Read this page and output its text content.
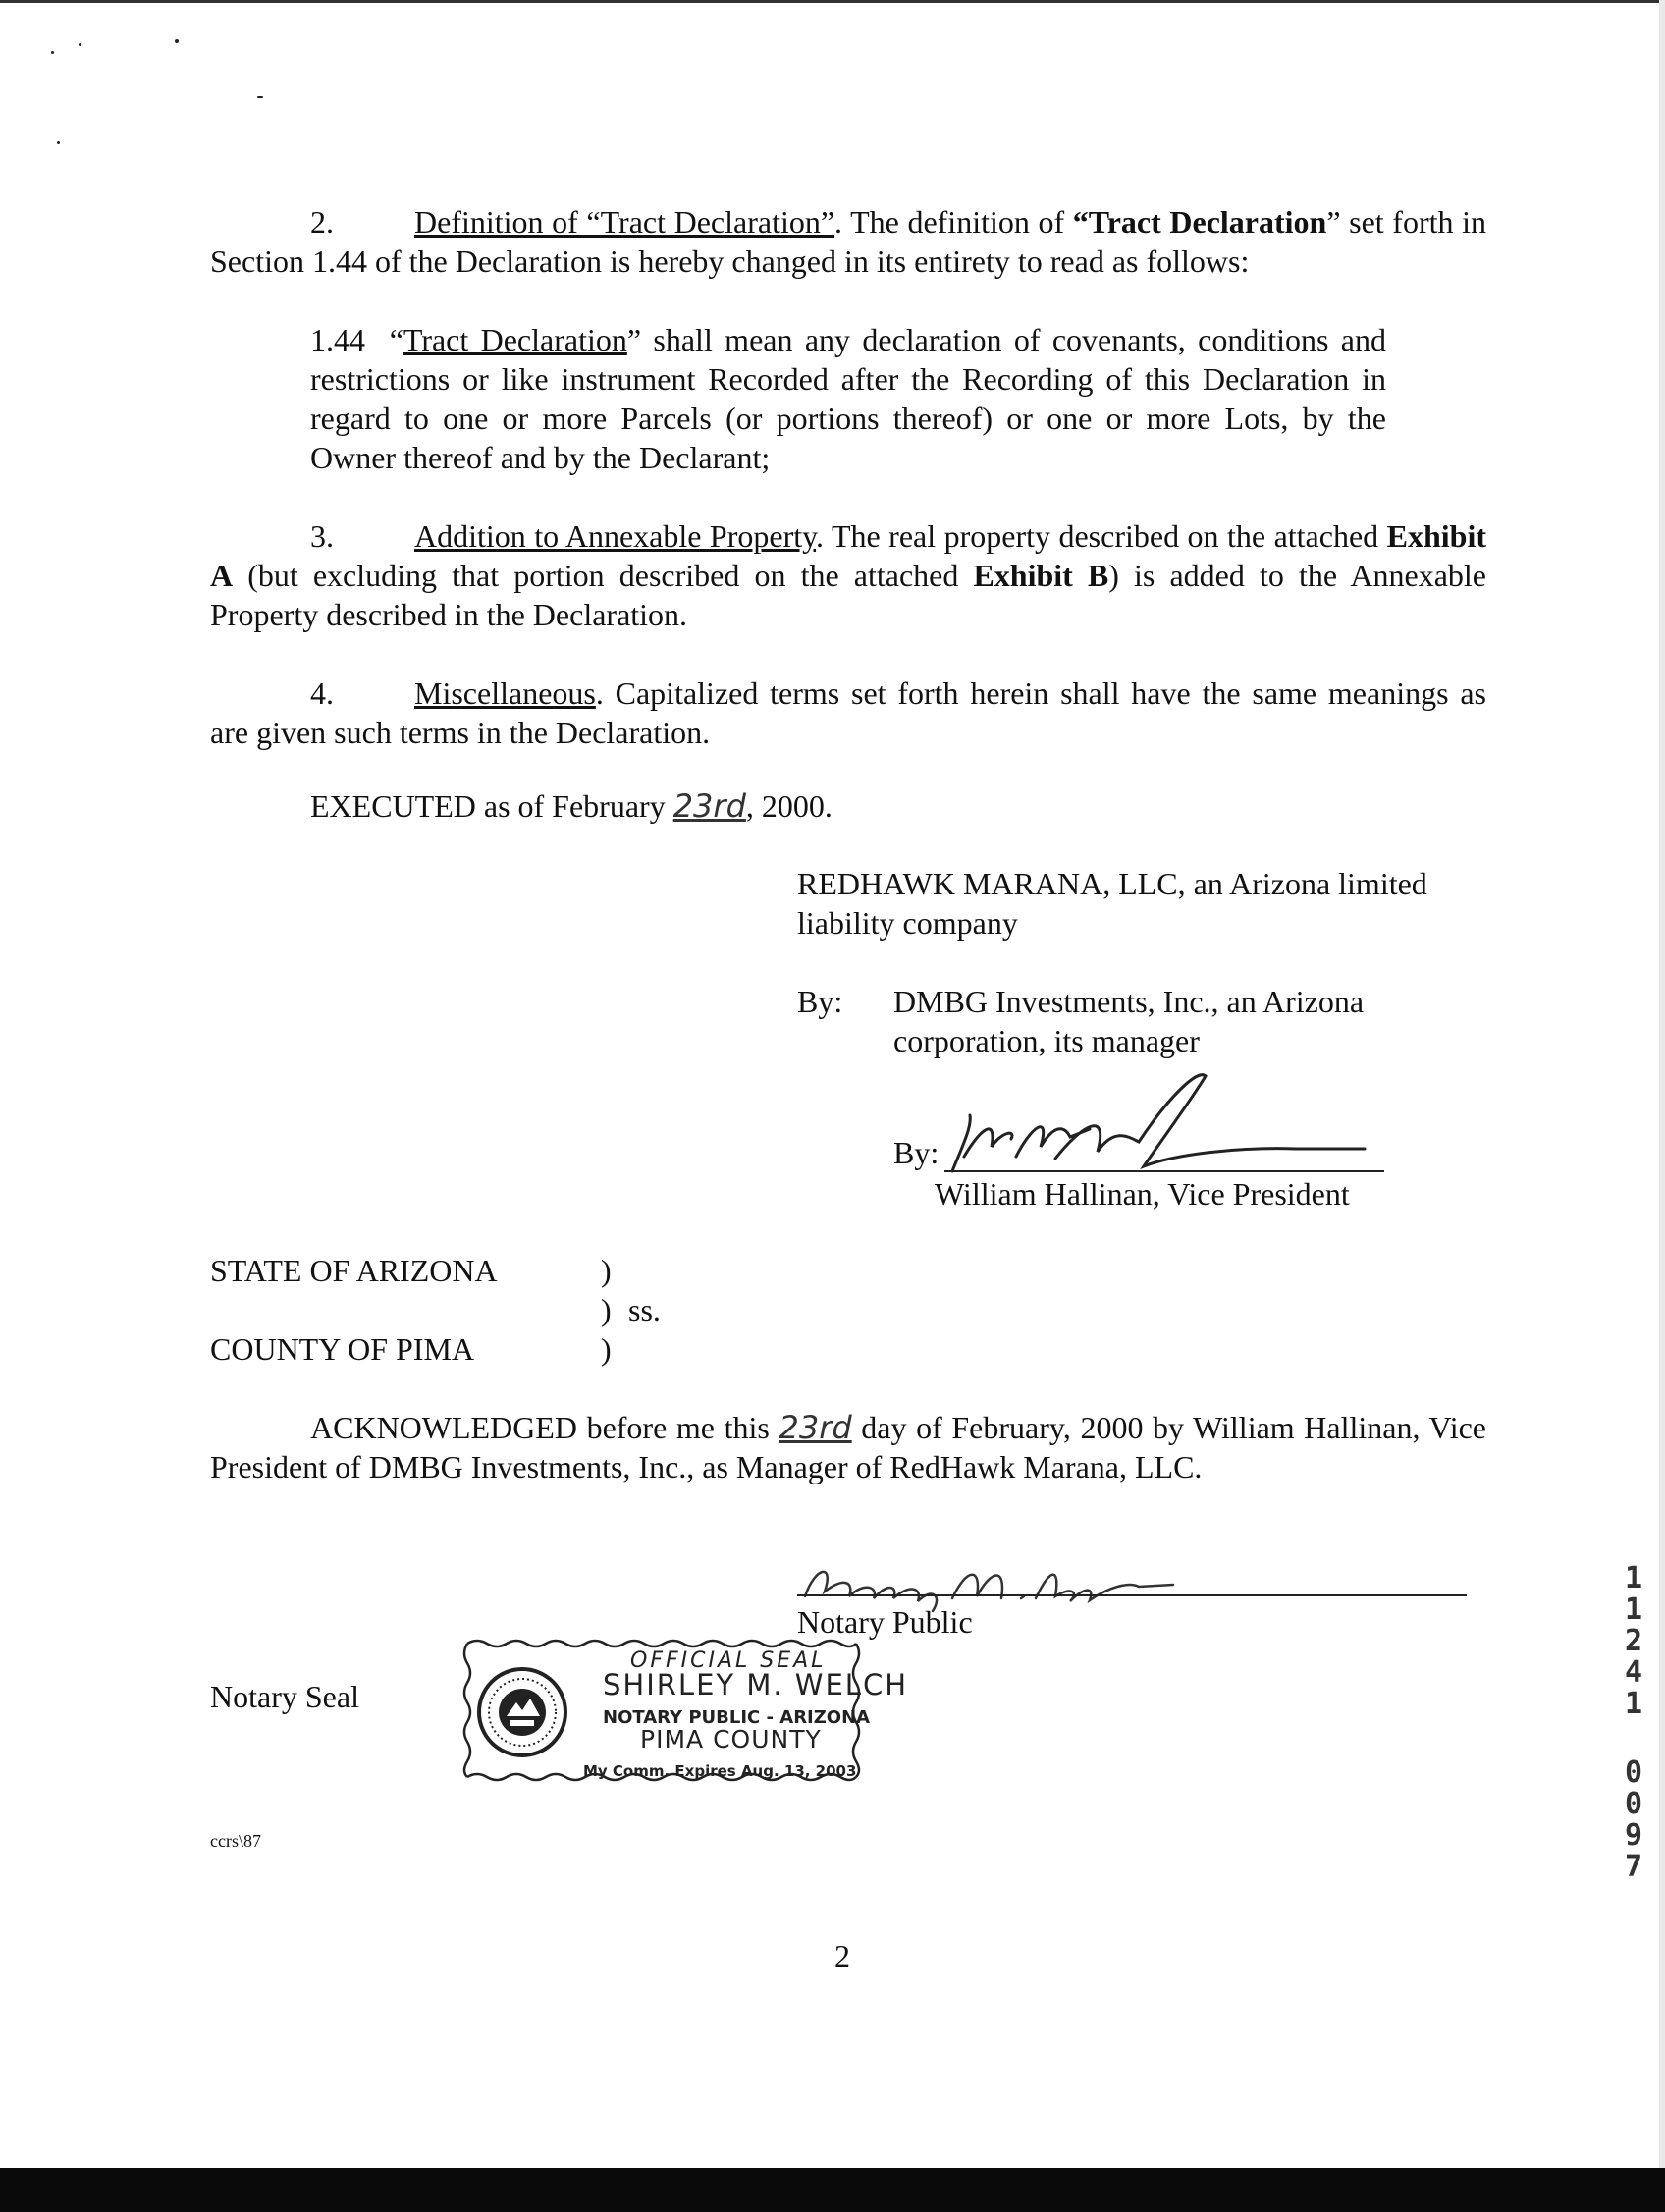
2.	Definition of “Tract Declaration”. The definition of “Tract Declaration” set forth in Section 1.44 of the Declaration is hereby changed in its entirety to read as follows:
1.44 “Tract Declaration” shall mean any declaration of covenants, conditions and restrictions or like instrument Recorded after the Recording of this Declaration in regard to one or more Parcels (or portions thereof) or one or more Lots, by the Owner thereof and by the Declarant;
3.	Addition to Annexable Property. The real property described on the attached Exhibit A (but excluding that portion described on the attached Exhibit B) is added to the Annexable Property described in the Declaration.
4.	Miscellaneous. Capitalized terms set forth herein shall have the same meanings as are given such terms in the Declaration.
EXECUTED as of February 23rd, 2000.
REDHAWK MARANA, LLC, an Arizona limited liability company
By: DMBG Investments, Inc., an Arizona corporation, its manager
By:
William Hallinan, Vice President
STATE OF ARIZONA	)
) ss.
COUNTY OF PIMA	)
ACKNOWLEDGED before me this 23rd day of February, 2000 by William Hallinan, Vice President of DMBG Investments, Inc., as Manager of RedHawk Marana, LLC.
Notary Public
Notary Seal
OFFICIAL SEAL
SHIRLEY M. WELCH
NOTARY PUBLIC - ARIZONA
PIMA COUNTY
My Comm. Expires Aug. 13, 2003
ccrs\87
2
1
1
2
4
1
0
0
9
7
